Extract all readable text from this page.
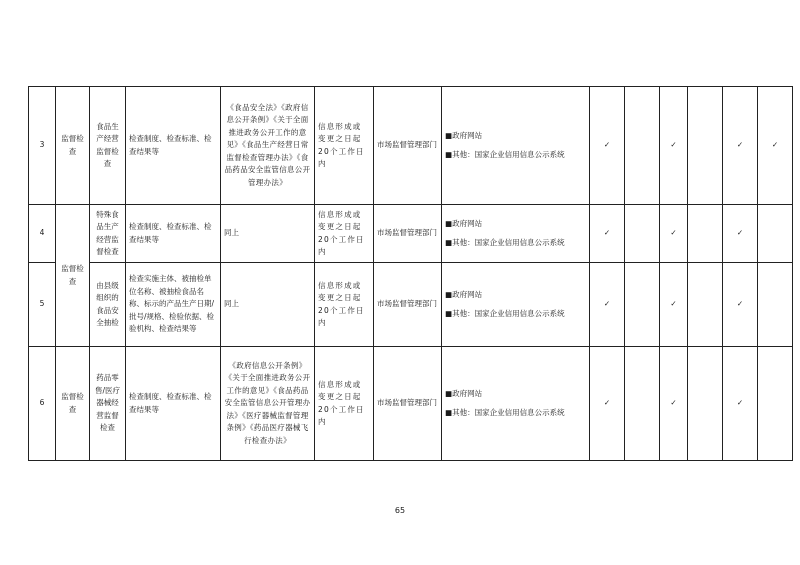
3	监督检查	食品生产经营监督检查	检查制度、检查标准、检查结果等	《食品安全法》《政府信息公开条例》《关于全面推进政务公开工作的意见》《食品生产经营日常监督检查管理办法》《食品药品安全监管信息公开管理办法》	信息形成或变更之日起20个工作日内	市场监督管理部门	■政府网站
■其他：国家企业信用信息公示系统	✓		✓		✓	✓
4	监督检查	特殊食品生产经营监督检查	检查制度、检查标准、检查结果等	同上	信息形成或变更之日起20个工作日内	市场监督管理部门	■政府网站
■其他：国家企业信用信息公示系统	✓		✓		✓	
5		由县级组织的食品安全抽检	检查实施主体、被抽检单位名称、被抽检食品名称、标示的产品生产日期/批号/规格、检验依据、检验机构、检查结果等	同上	信息形成或变更之日起20个工作日内	市场监督管理部门	■政府网站
■其他：国家企业信用信息公示系统	✓		✓		✓	
6	监督检查	药品零售/医疗器械经营监督检查	检查制度、检查标准、检查结果等	《政府信息公开条例》《关于全面推进政务公开工作的意见》《食品药品安全监管信息公开管理办法》《医疗器械监督管理条例》《药品医疗器械飞行检查办法》	信息形成或变更之日起20个工作日内	市场监督管理部门	■政府网站
■其他：国家企业信用信息公示系统	✓		✓		✓	
65
